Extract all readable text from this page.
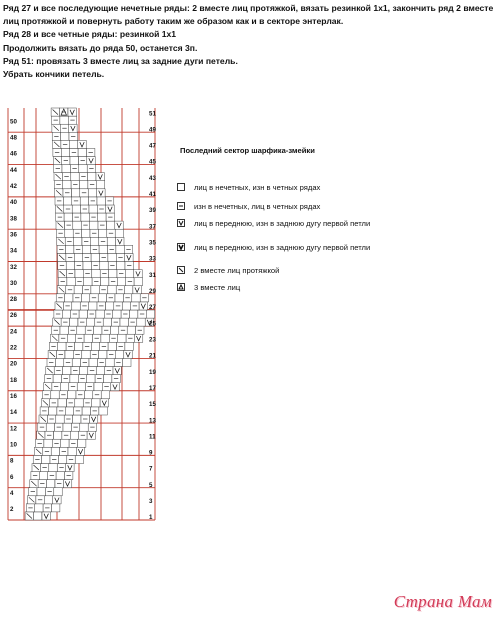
Ряд 27 и все последующие нечетные ряды: 2 вместе лиц протяжкой, вязать резинкой 1х1, закончить ряд 2 вместе
лиц протяжкой и повернуть работу таким же образом как и в секторе энтерлак.
Ряд 28 и все четные ряды: резинкой 1х1
Продолжить вязать до ряда 50, останется 3п.
Ряд 51: провязать 3 вместе лиц за задние дуги петель.
Убрать кончики петель.
50
48
46
44
42
40
38
36
34
32
30
28
26
24
22
20
18
16
14
12
10
8
6
4
2
51
49
47
45
43
41
39
37
35
33
31
29
27
25
23
21
19
17
15
13
11
9
7
5
3
1
Последний сектор шарфика-змейки
лиц в нечетных, изн в четных рядах
изн в нечетных, лиц в четных рядах
лиц в переднюю, изн в заднюю дугу первой петли
лиц в переднюю, изн в заднюю дугу первой петли
2 вместе лиц протяжкой
3 вместе лиц
Страна Мам
